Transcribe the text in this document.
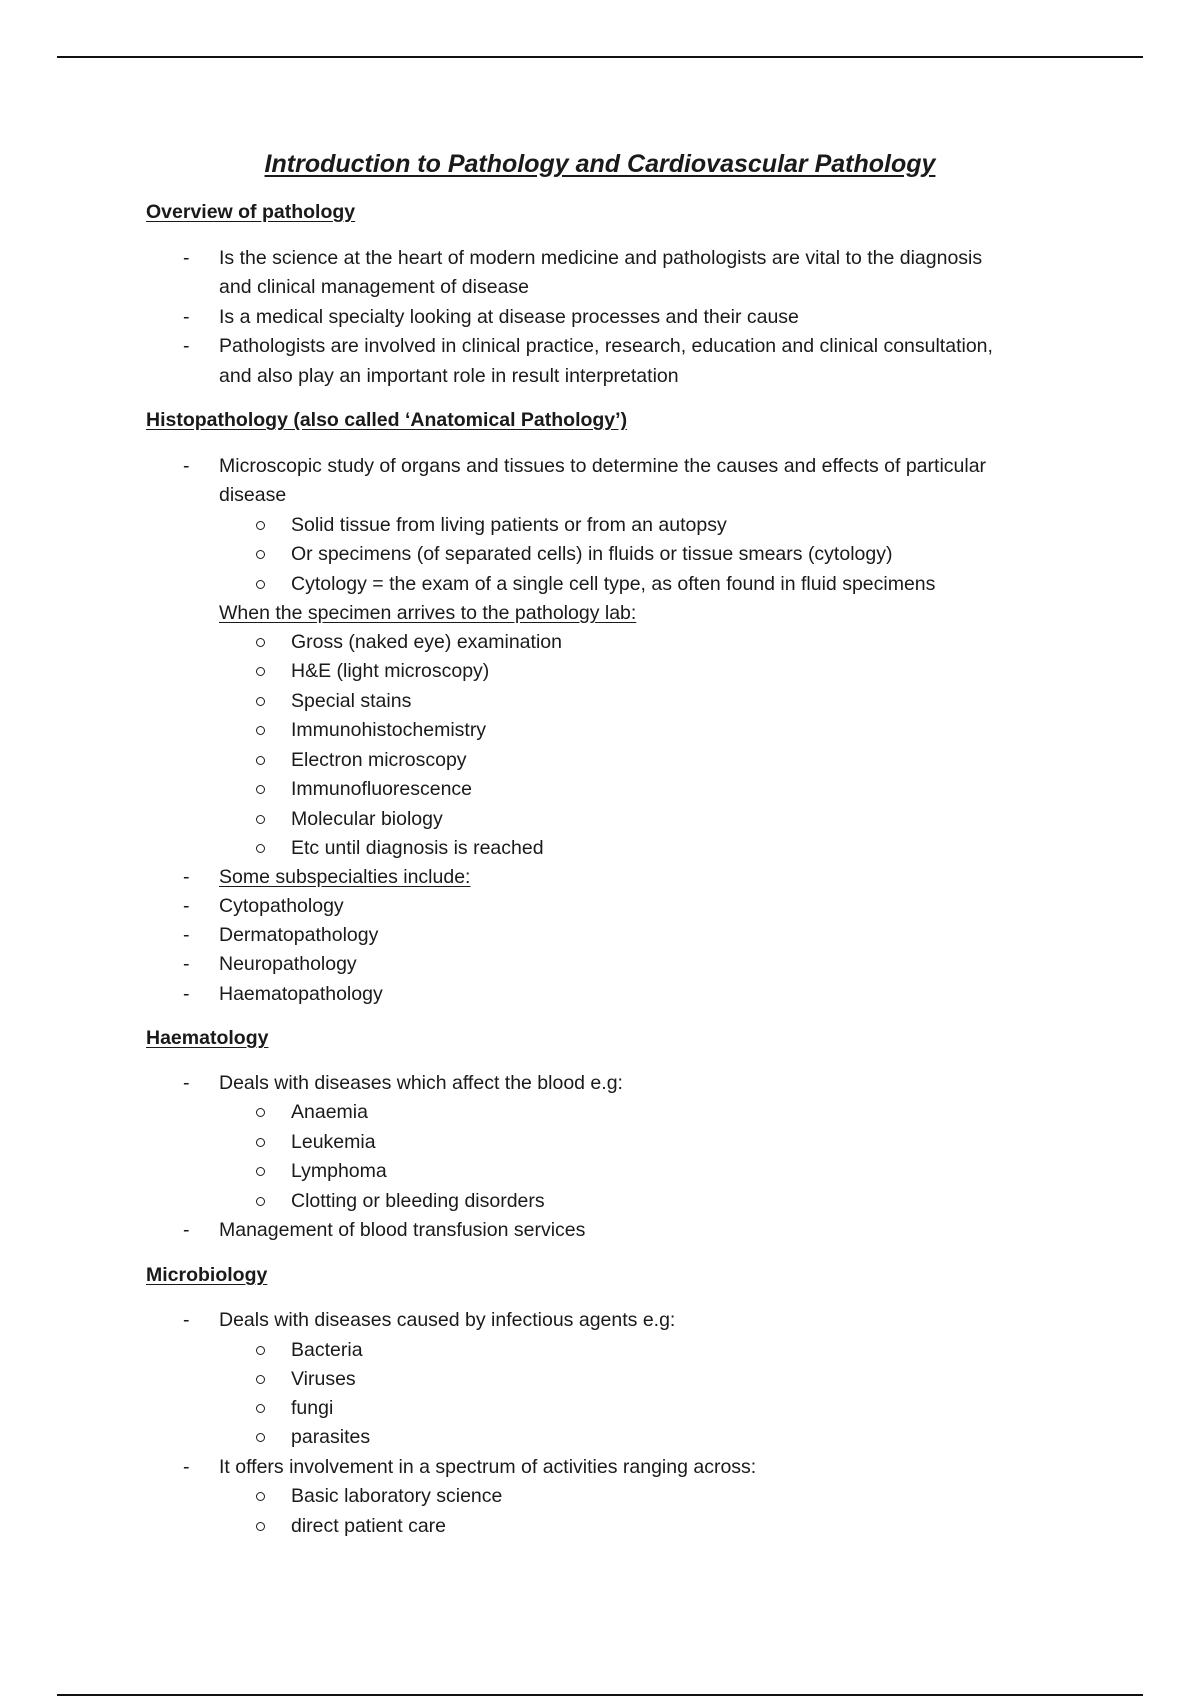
Introduction to Pathology and Cardiovascular Pathology

Overview of pathology

- Is the science at the heart of modern medicine and pathologists are vital to the diagnosis

and clinical management of disease

- Is a medical specialty looking at disease processes and their cause

- Pathologists are involved in clinical practice, research, education and clinical consultation,

and also play an important role in result interpretation

Histopathology (also called ‘Anatomical Pathology’)

- Microscopic study of organs and tissues to determine the causes and effects of particular

disease

Solid tissue from living patients or from an autopsy

Or specimens (of separated cells) in fluids or tissue smears (cytology)

Cytology = the exam of a single cell type, as often found in fluid specimens

When the specimen arrives to the pathology lab:

Gross (naked eye) examination

H&E (light microscopy)

Special stains

Immunohistochemistry

Electron microscopy

Immunofluorescence

Molecular biology

Etc until diagnosis is reached

- Some subspecialties include:

- Cytopathology

- Dermatopathology

- Neuropathology

- Haematopathology

Haematology

- Deals with diseases which affect the blood e.g:

Anaemia

Leukemia

Lymphoma

Clotting or bleeding disorders

- Management of blood transfusion services

Microbiology

- Deals with diseases caused by infectious agents e.g:

Bacteria

Viruses

fungi

parasites

- It offers involvement in a spectrum of activities ranging across:

Basic laboratory science

direct patient care
